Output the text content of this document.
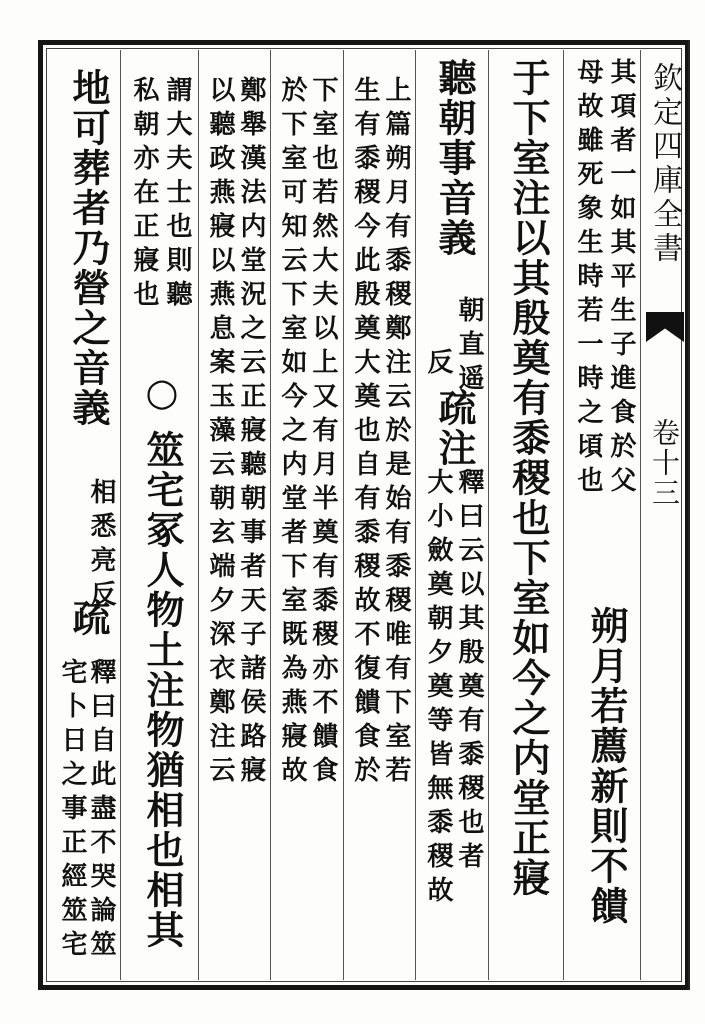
欽定四庫全書
卷十三
其項者一如其平生子進食於父
母故雖死象生時若一時之頃也
朔月若薦新則不饋
于下室注以其殷奠有黍稷也下室如今之内堂正寢
聽朝事音義
朝直遥
反
疏注
釋曰云以其殷奠有黍稷也者
大小斂奠朝夕奠等皆無黍稷故
上篇朔月有黍稷鄭注云於是始有黍稷唯有下室若
生有黍稷今此殷奠大奠也自有黍稷故不復饋食於
下室也若然大夫以上又有月半奠有黍稷亦不饋食
於下室可知云下室如今之内堂者下室既為燕寢故
鄭舉漢法内堂況之云正寢聽朝事者天子諸侯路寢
以聽政燕寢以燕息案玉藻云朝玄端夕深衣鄭注云
謂大夫士也則聽
私朝亦在正寢也
○
筮宅冢人物土注物猶相也相其
地可葬者乃營之音義
相悉亮反
疏
釋曰自此盡不哭論筮
宅卜日之事正經筮宅
